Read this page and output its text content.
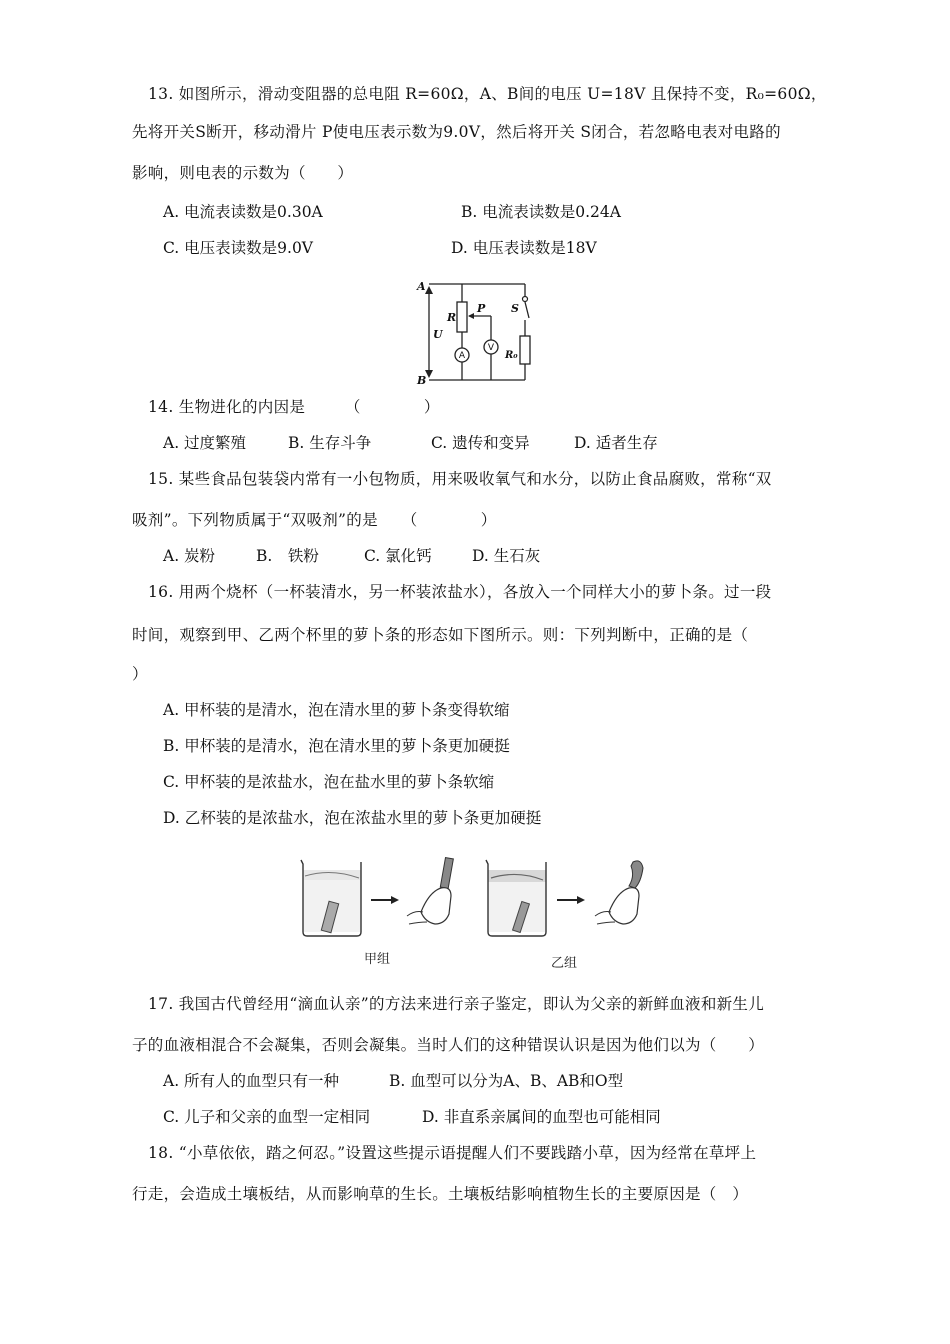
13. 如图所示，滑动变阻器的总电阻 R=60Ω，A、B间的电压 U=18V 且保持不变，R₀=60Ω，
先将开关S断开，移动滑片 P使电压表示数为9.0V，然后将开关 S闭合，若忽略电表对电路的
影响，则电表的示数为（　　）
A. 电流表读数是0.30A	B. 电流表读数是0.24A
C. 电压表读数是9.0V	D. 电压表读数是18V
A
B
U
R
P S
R₀
A
V
14. 生物进化的内因是　　　（　　　　）
A. 过度繁殖	B. 生存斗争	C. 遗传和变异	D. 适者生存
15. 某些食品包装袋内常有一小包物质，用来吸收氧气和水分，以防止食品腐败，常称“双
吸剂”。下列物质属于“双吸剂”的是　　（　　　　）
A. 炭粉	B.　铁粉	C. 氯化钙	D. 生石灰
16. 用两个烧杯（一杯装清水，另一杯装浓盐水），各放入一个同样大小的萝卜条。过一段
时间，观察到甲、乙两个杯里的萝卜条的形态如下图所示。则：下列判断中，正确的是（
）
A. 甲杯装的是清水，泡在清水里的萝卜条变得软缩
B. 甲杯装的是清水，泡在清水里的萝卜条更加硬挺
C. 甲杯装的是浓盐水，泡在盐水里的萝卜条软缩
D. 乙杯装的是浓盐水，泡在浓盐水里的萝卜条更加硬挺
甲组	乙组
17. 我国古代曾经用“滴血认亲”的方法来进行亲子鉴定，即认为父亲的新鲜血液和新生儿
子的血液相混合不会凝集，否则会凝集。当时人们的这种错误认识是因为他们以为（　　）
A. 所有人的血型只有一种	B. 血型可以分为A、B、AB和O型
C. 儿子和父亲的血型一定相同	D. 非直系亲属间的血型也可能相同
18. “小草依依，踏之何忍。”设置这些提示语提醒人们不要践踏小草，因为经常在草坪上
行走，会造成土壤板结，从而影响草的生长。土壤板结影响植物生长的主要原因是（　）
